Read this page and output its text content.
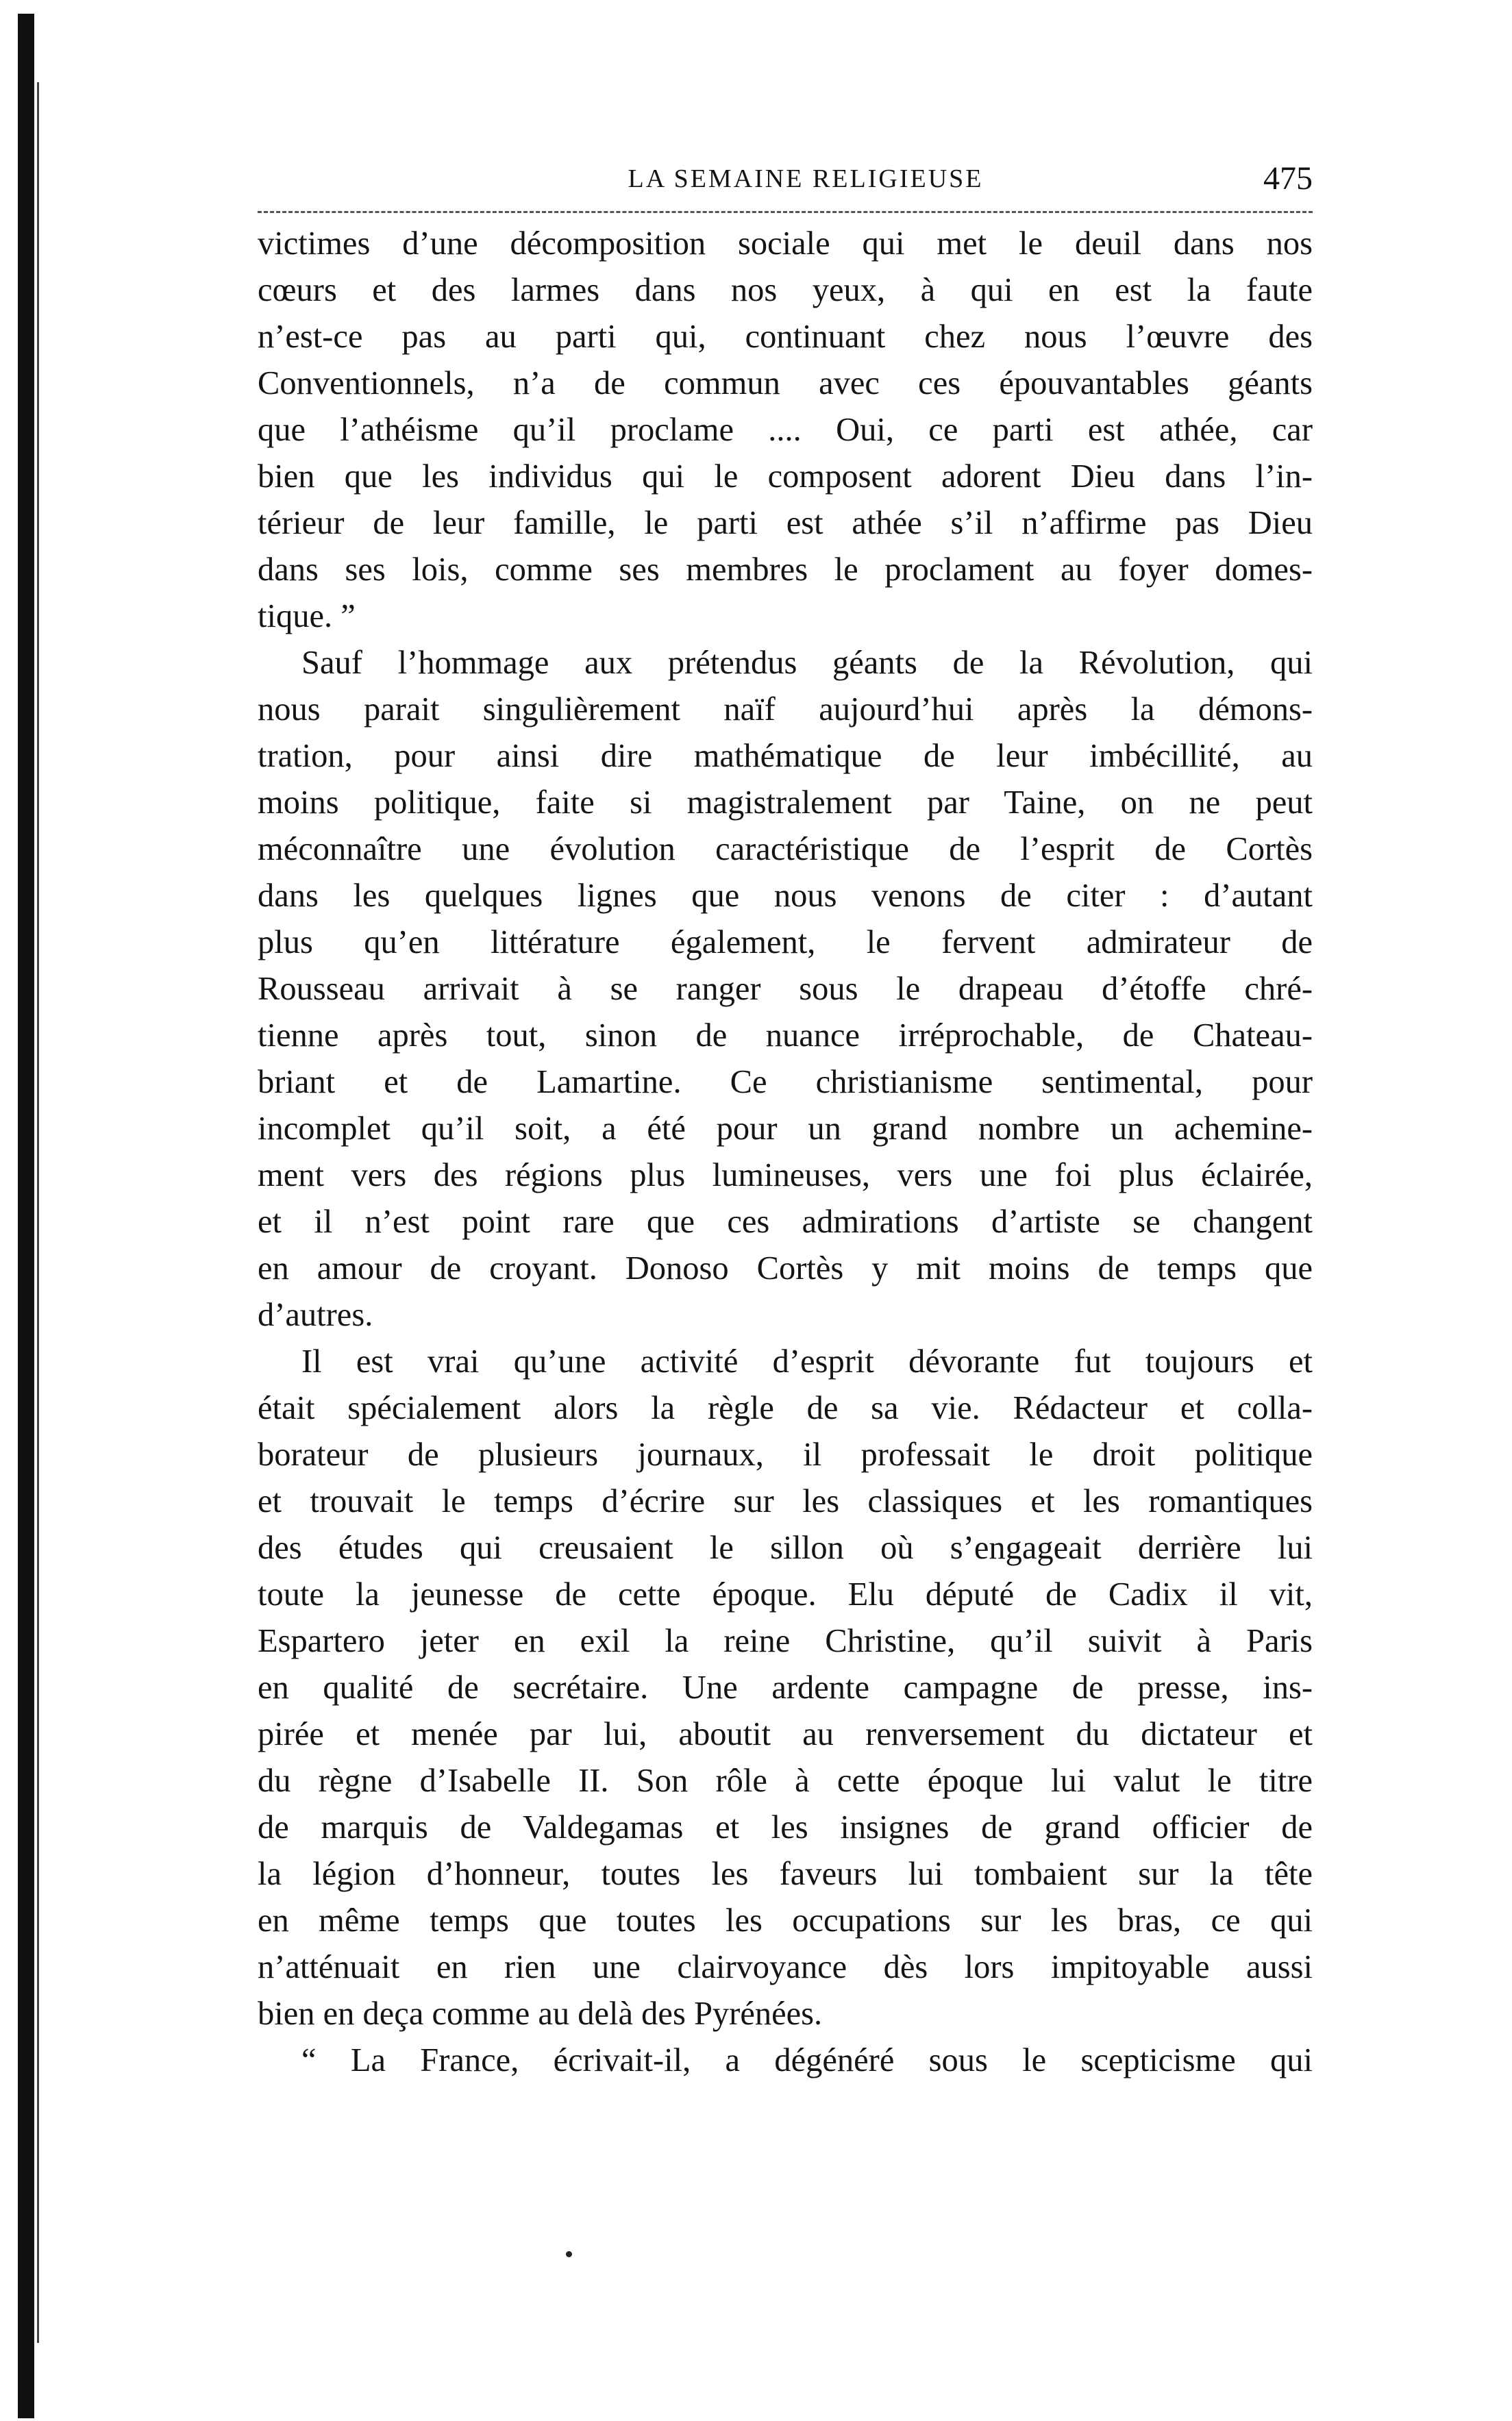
LA SEMAINE RELIGIEUSE	475
victimes d’une décomposition sociale qui met le deuil dans nos
cœurs et des larmes dans nos yeux, à qui en est la faute
n’est-ce pas au parti qui, continuant chez nous l’œuvre des
Conventionnels, n’a de commun avec ces épouvantables géants
que l’athéisme qu’il proclame .... Oui, ce parti est athée, car
bien que les individus qui le composent adorent Dieu dans l’in-
térieur de leur famille, le parti est athée s’il n’affirme pas Dieu
dans ses lois, comme ses membres le proclament au foyer domes-
tique. ”
Sauf l’hommage aux prétendus géants de la Révolution, qui
nous parait singulièrement naïf aujourd’hui après la démons-
tration, pour ainsi dire mathématique de leur imbécillité, au
moins politique, faite si magistralement par Taine, on ne peut
méconnaître une évolution caractéristique de l’esprit de Cortès
dans les quelques lignes que nous venons de citer : d’autant
plus qu’en littérature également, le fervent admirateur de
Rousseau arrivait à se ranger sous le drapeau d’étoffe chré-
tienne après tout, sinon de nuance irréprochable, de Chateau-
briant et de Lamartine. Ce christianisme sentimental, pour
incomplet qu’il soit, a été pour un grand nombre un achemine-
ment vers des régions plus lumineuses, vers une foi plus éclairée,
et il n’est point rare que ces admirations d’artiste se changent
en amour de croyant. Donoso Cortès y mit moins de temps que
d’autres.
Il est vrai qu’une activité d’esprit dévorante fut toujours et
était spécialement alors la règle de sa vie. Rédacteur et colla-
borateur de plusieurs journaux, il professait le droit politique
et trouvait le temps d’écrire sur les classiques et les romantiques
des études qui creusaient le sillon où s’engageait derrière lui
toute la jeunesse de cette époque. Elu député de Cadix il vit,
Espartero jeter en exil la reine Christine, qu’il suivit à Paris
en qualité de secrétaire. Une ardente campagne de presse, ins-
pirée et menée par lui, aboutit au renversement du dictateur et
du règne d’Isabelle II. Son rôle à cette époque lui valut le titre
de marquis de Valdegamas et les insignes de grand officier de
la légion d’honneur, toutes les faveurs lui tombaient sur la tête
en même temps que toutes les occupations sur les bras, ce qui
n’atténuait en rien une clairvoyance dès lors impitoyable aussi
bien en deça comme au delà des Pyrénées.
“ La France, écrivait-il, a dégénéré sous le scepticisme qui
